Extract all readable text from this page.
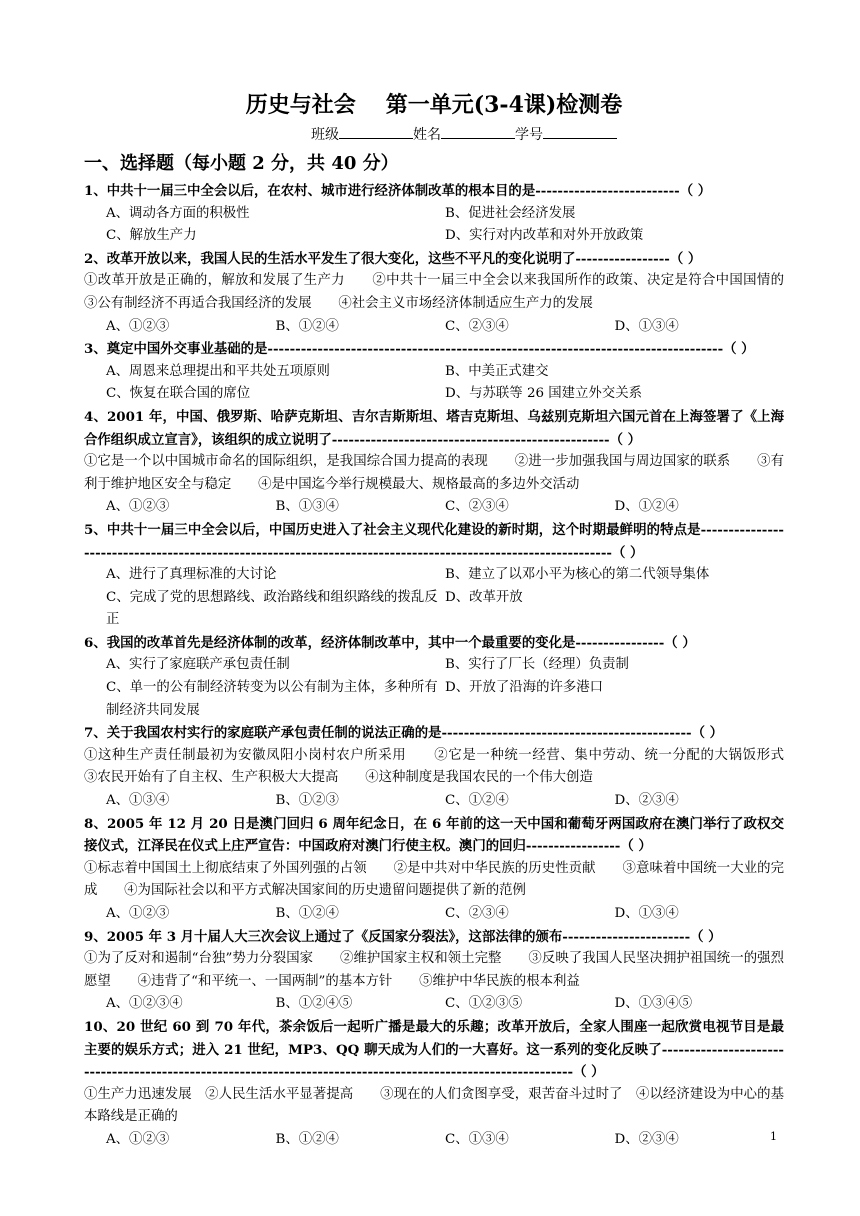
历史与社会 第一单元(3-4课)检测卷
班级	姓名	学号
一、选择题（每小题 2 分，共 40 分）
1、中共十一届三中全会以后，在农村、城市进行经济体制改革的根本目的是--------------------------（ ）
A、调动各方面的积极性	B、促进社会经济发展
C、解放生产力	D、实行对内改革和对外开放政策
2、改革开放以来，我国人民的生活水平发生了很大变化，这些不平凡的变化说明了-----------------（ ）
①改革开放是正确的，解放和发展了生产力　　②中共十一届三中全会以来我国所作的政策、决定是符合中国国情的　　③公有制经济不再适合我国经济的发展　　④社会主义市场经济体制适应生产力的发展
A、①②③	B、①②④	C、②③④	D、①③④
3、奠定中国外交事业基础的是----------------------------------------------------------------------------------（ ）
A、周恩来总理提出和平共处五项原则	B、中美正式建交
C、恢复在联合国的席位	D、与苏联等 26 国建立外交关系
4、2001 年，中国、俄罗斯、哈萨克斯坦、吉尔吉斯斯坦、塔吉克斯坦、乌兹别克斯坦六国元首在上海签署了《上海合作组织成立宣言》，该组织的成立说明了--------------------------------------------------（ ）
①它是一个以中国城市命名的国际组织，是我国综合国力提高的表现　　②进一步加强我国与周边国家的联系　　③有利于维护地区安全与稳定　　④是中国迄今举行规模最大、规格最高的多边外交活动
A、①②③	B、①③④	C、②③④	D、①②④
5、中共十一届三中全会以后，中国历史进入了社会主义现代化建设的新时期，这个时期最鲜明的特点是--------------------------------------------------------------------------------------------------------------（ ）
A、进行了真理标准的大讨论	B、建立了以邓小平为核心的第二代领导集体
C、完成了党的思想路线、政治路线和组织路线的拨乱反正
D、改革开放
6、我国的改革首先是经济体制的改革，经济体制改革中，其中一个最重要的变化是----------------（ ）
A、实行了家庭联产承包责任制	B、实行了厂长（经理）负责制
C、单一的公有制经济转变为以公有制为主体，多种所有制经济共同发展
D、开放了沿海的许多港口
7、关于我国农村实行的家庭联产承包责任制的说法正确的是---------------------------------------------（ ）
①这种生产责任制最初为安徽凤阳小岗村农户所采用　　②它是一种统一经营、集中劳动、统一分配的大锅饭形式　　③农民开始有了自主权、生产积极大大提高　　④这种制度是我国农民的一个伟大创造
A、①③④	B、①②③	C、①②④	D、②③④
8、2005 年 12 月 20 日是澳门回归 6 周年纪念日，在 6 年前的这一天中国和葡萄牙两国政府在澳门举行了政权交接仪式，江泽民在仪式上庄严宣告：中国政府对澳门行使主权。澳门的回归-----------------（ ）
①标志着中国国土上彻底结束了外国列强的占领　　②是中共对中华民族的历史性贡献　　③意味着中国统一大业的完成　　④为国际社会以和平方式解决国家间的历史遗留问题提供了新的范例
A、①②③	B、①②④	C、②③④	D、①③④
9、2005 年 3 月十届人大三次会议上通过了《反国家分裂法》，这部法律的颁布-----------------------（ ）
①为了反对和遏制“台独”势力分裂国家　　②维护国家主权和领土完整　　③反映了我国人民坚决拥护祖国统一的强烈愿望　　④违背了“和平统一、一国两制”的基本方针　　⑤维护中华民族的根本利益
A、①②③④	B、①②④⑤	C、①②③⑤	D、①③④⑤
10、20 世纪 60 到 70 年代，茶余饭后一起听广播是最大的乐趣；改革开放后，全家人围座一起欣赏电视节目是最主要的娱乐方式；进入 21 世纪，MP3、QQ 聊天成为人们的一大喜好。这一系列的变化反映了--------------------------------------------------------------------------------------------------------------（ ）
①生产力迅速发展　②人民生活水平显著提高　　③现在的人们贪图享受，艰苦奋斗过时了　④以经济建设为中心的基本路线是正确的
A、①②③	B、①②④	C、①③④	D、②③④	1
